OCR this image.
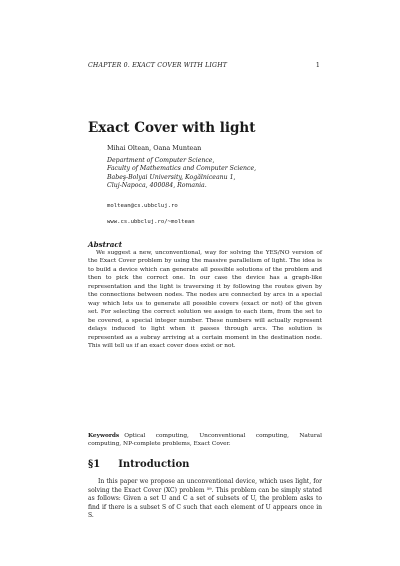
CHAPTER 0. EXACT COVER WITH LIGHT	1
Exact Cover with light
Mihai Oltean, Oana Muntean
Department of Computer Science,
Faculty of Mathematics and Computer Science,
Babeş-Bolyai University, Kogălniceanu 1,
Cluj-Napoca, 400084, Romania.
moltean@cs.ubbcluj.ro
www.cs.ubbcluj.ro/~moltean
Abstract

We suggest a new, unconventional, way for solving the YES/NO version of the Exact Cover problem by using the massive parallelism of light. The idea is to build a device which can generate all possible solutions of the problem and then to pick the correct one. In our case the device has a graph-like representation and the light is traversing it by following the routes given by the connections between nodes. The nodes are connected by arcs in a special way which lets us to generate all possible covers (exact or not) of the given set. For selecting the correct solution we assign to each item, from the set to be covered, a special integer number. These numbers will actually represent delays induced to light when it passes through arcs. The solution is represented as a subray arriving at a certain moment in the destination node. This will tell us if an exact cover does exist or not.

Keywords Optical computing, Unconventional computing, Natural computing, NP-complete problems, Exact Cover.

§1 Introduction

In this paper we propose an unconventional device, which uses light, for solving the Exact Cover (XC) problem ⁵⁹. This problem can be simply stated as follows: Given a set U and C a set of subsets of U, the problem asks to find if there is a subset S of C such that each element of U appears once in S.
